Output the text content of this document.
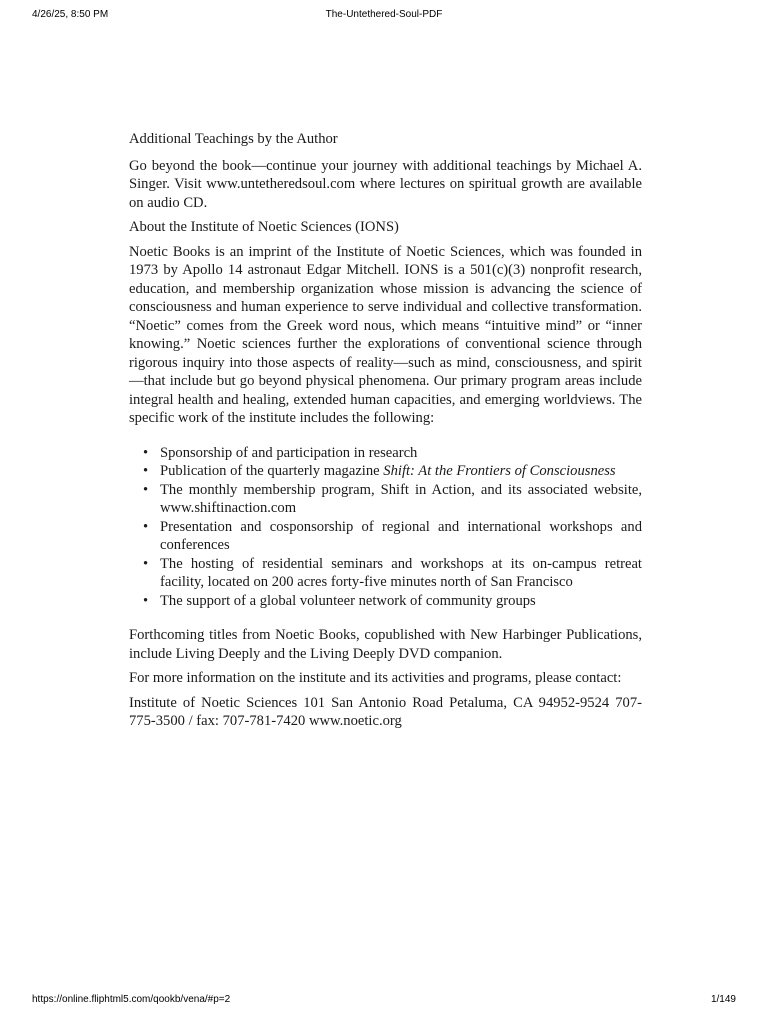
4/26/25, 8:50 PM	The-Untethered-Soul-PDF
Additional Teachings by the Author

Go beyond the book—continue your journey with additional teachings by Michael A. Singer. Visit www.untetheredsoul.com where lectures on spiritual growth are available on audio CD.

About the Institute of Noetic Sciences (IONS)

Noetic Books is an imprint of the Institute of Noetic Sciences, which was founded in 1973 by Apollo 14 astronaut Edgar Mitchell. IONS is a 501(c)(3) nonprofit research, education, and membership organization whose mission is advancing the science of consciousness and human experience to serve individual and collective transformation. “Noetic” comes from the Greek word nous, which means “intuitive mind” or “inner knowing.” Noetic sciences further the explorations of conventional science through rigorous inquiry into those aspects of reality—such as mind, consciousness, and spirit—that include but go beyond physical phenomena. Our primary program areas include integral health and healing, extended human capacities, and emerging worldviews. The specific work of the institute includes the following:

• Sponsorship of and participation in research
• Publication of the quarterly magazine Shift: At the Frontiers of Consciousness
• The monthly membership program, Shift in Action, and its associated website, www.shiftinaction.com
• Presentation and cosponsorship of regional and international workshops and conferences
• The hosting of residential seminars and workshops at its on-campus retreat facility, located on 200 acres forty-five minutes north of San Francisco
• The support of a global volunteer network of community groups

Forthcoming titles from Noetic Books, copublished with New Harbinger Publications, include Living Deeply and the Living Deeply DVD companion.

For more information on the institute and its activities and programs, please contact:

Institute of Noetic Sciences 101 San Antonio Road Petaluma, CA 94952-9524 707-775-3500 / fax: 707-781-7420 www.noetic.org

https://online.fliphtml5.com/qookb/vena/#p=2	1/149
